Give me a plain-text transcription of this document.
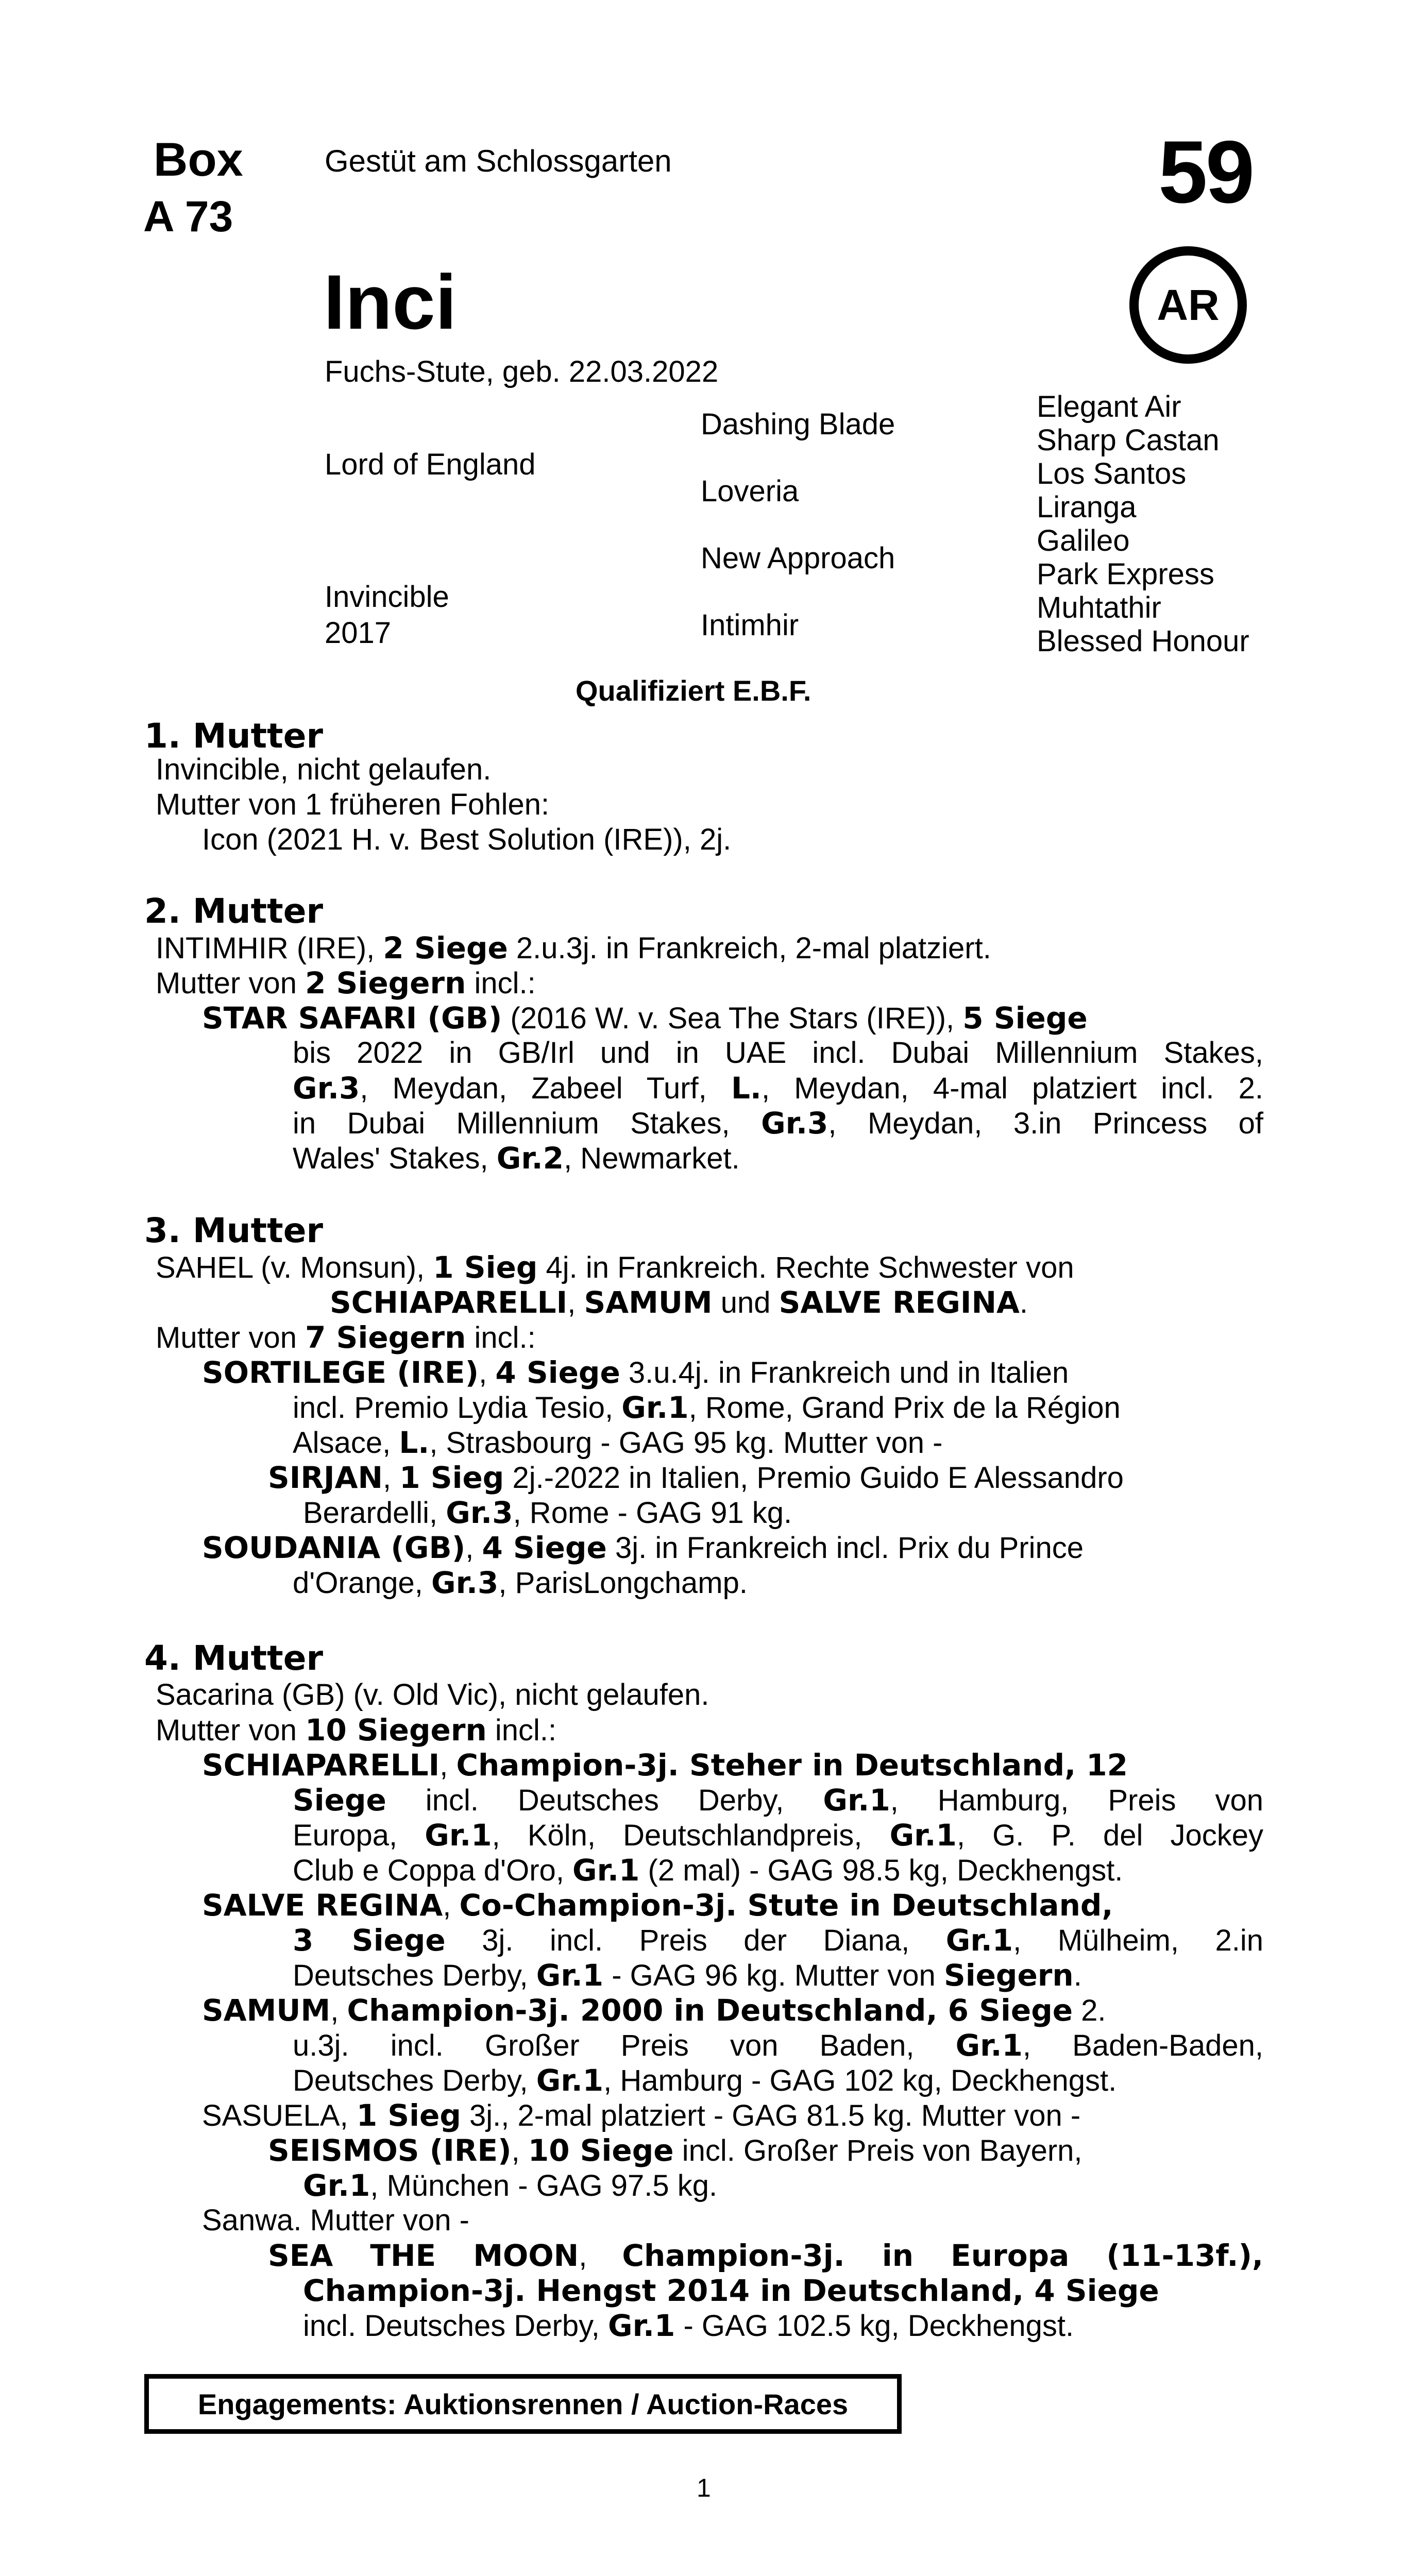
Box
A 73
Gestüt am Schlossgarten	59
AR
Inci
Fuchs-Stute, geb. 22.03.2022
Lord of England
Invincible
2017
Dashing Blade
Loveria
New Approach
Intimhir
Elegant Air
Sharp Castan
Los Santos
Liranga
Galileo
Park Express
Muhtathir
Blessed Honour
Qualifiziert E.B.F.
1. Mutter
Invincible, nicht gelaufen.
Mutter von 1 früheren Fohlen:
Icon (2021 H. v. Best Solution (IRE)), 2j.
2. Mutter
INTIMHIR (IRE), 2 Siege 2.u.3j. in Frankreich, 2-mal platziert.
Mutter von 2 Siegern incl.:
STAR SAFARI (GB) (2016 W. v. Sea The Stars (IRE)), 5 Siege
bis 2022 in GB/Irl und in UAE incl. Dubai Millennium Stakes,
Gr.3, Meydan, Zabeel Turf, L., Meydan, 4-mal platziert incl. 2.
in Dubai Millennium Stakes, Gr.3, Meydan, 3.in Princess of
Wales' Stakes, Gr.2, Newmarket.
3. Mutter
SAHEL (v. Monsun), 1 Sieg 4j. in Frankreich. Rechte Schwester von
SCHIAPARELLI, SAMUM und SALVE REGINA.
Mutter von 7 Siegern incl.:
SORTILEGE (IRE), 4 Siege 3.u.4j. in Frankreich und in Italien
incl. Premio Lydia Tesio, Gr.1, Rome, Grand Prix de la Région
Alsace, L., Strasbourg - GAG 95 kg. Mutter von -
SIRJAN, 1 Sieg 2j.-2022 in Italien, Premio Guido E Alessandro
Berardelli, Gr.3, Rome - GAG 91 kg.
SOUDANIA (GB), 4 Siege 3j. in Frankreich incl. Prix du Prince
d'Orange, Gr.3, ParisLongchamp.
4. Mutter
Sacarina (GB) (v. Old Vic), nicht gelaufen.
Mutter von 10 Siegern incl.:
SCHIAPARELLI, Champion-3j. Steher in Deutschland, 12
Siege incl. Deutsches Derby, Gr.1, Hamburg, Preis von
Europa, Gr.1, Köln, Deutschlandpreis, Gr.1, G. P. del Jockey
Club e Coppa d'Oro, Gr.1 (2 mal) - GAG 98.5 kg, Deckhengst.
SALVE REGINA, Co-Champion-3j. Stute in Deutschland,
3 Siege 3j. incl. Preis der Diana, Gr.1, Mülheim, 2.in
Deutsches Derby, Gr.1 - GAG 96 kg. Mutter von Siegern.
SAMUM, Champion-3j. 2000 in Deutschland, 6 Siege 2.
u.3j. incl. Großer Preis von Baden, Gr.1, Baden-Baden,
Deutsches Derby, Gr.1, Hamburg - GAG 102 kg, Deckhengst.
SASUELA, 1 Sieg 3j., 2-mal platziert - GAG 81.5 kg. Mutter von -
SEISMOS (IRE), 10 Siege incl. Großer Preis von Bayern,
Gr.1, München - GAG 97.5 kg.
Sanwa. Mutter von -
SEA THE MOON, Champion-3j. in Europa (11-13f.),
Champion-3j. Hengst 2014 in Deutschland, 4 Siege
incl. Deutsches Derby, Gr.1 - GAG 102.5 kg, Deckhengst.
Engagements: Auktionsrennen / Auction-Races
1
